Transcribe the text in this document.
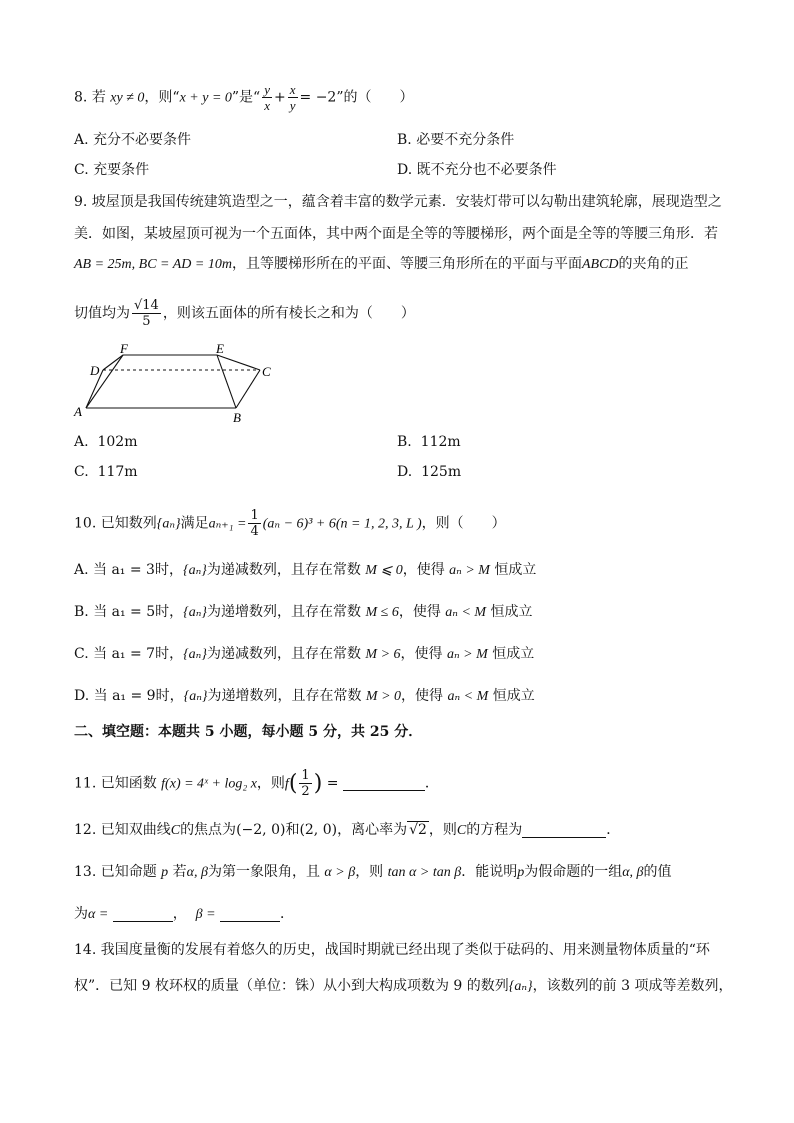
8. 若 xy ≠ 0，则“x + y = 0”是“ $\frac{y}{x} + \frac{x}{y} = -2$”的（　　）
A. 充分不必要条件	B. 必要不充分条件
C. 充要条件	D. 既不充分也不必要条件
9. 坡屋顶是我国传统建筑造型之一，蕴含着丰富的数学元素．安装灯带可以勾勒出建筑轮廓，展现造型之
美．如图，某坡屋顶可视为一个五面体，其中两个面是全等的等腰梯形，两个面是全等的等腰三角形．若
AB = 25m, BC = AD = 10m，且等腰梯形所在的平面、等腰三角形所在的平面与平面ABCD的夹角的正
切值均为 $\frac{√14}{5}$ ，则该五面体的所有棱长之和为（　　）
A	B
C
D
E
F
A. 102m	B. 112m
C. 117m	D. 125m
10. 已知数列{aₙ}满足$a_{n+1} = \frac{1}{4} (a_n - 6)^3 + 6(n = 1$, 2, 3, L )，则（　　）
A. 当 a₁ = 3时，{aₙ}为递减数列，且存在常数 M ⩽ 0，使得 aₙ > M 恒成立
B. 当 a₁ = 5时，{aₙ}为递增数列，且存在常数 M ≤ 6，使得 aₙ < M 恒成立
C. 当 a₁ = 7时，{aₙ}为递减数列，且存在常数 M > 6，使得 aₙ > M 恒成立
D. 当 a₁ = 9时，{aₙ}为递增数列，且存在常数 M > 0，使得 aₙ < M 恒成立
二、填空题：本题共 5 小题，每小题 5 分，共 25 分．
11. 已知函数 f(x) = 4ˣ + log₂ x，则$f( \frac{1}{2}$ ) =	．
12. 已知双曲线C的焦点为(−2, 0)和(2, 0)，离心率为 √2 ，则C的方程为	．
13. 已知命题 p 若α, β为第一象限角，且 α > β，则 tan α > tan β．能说明p为假命题的一组α, β的值
为α =	， β =	．
14. 我国度量衡的发展有着悠久的历史，战国时期就已经出现了类似于砝码的、用来测量物体质量的“环
权”．已知 9 枚环权的质量（单位：铢）从小到大构成项数为 9 的数列{aₙ}，该数列的前 3 项成等差数列，
